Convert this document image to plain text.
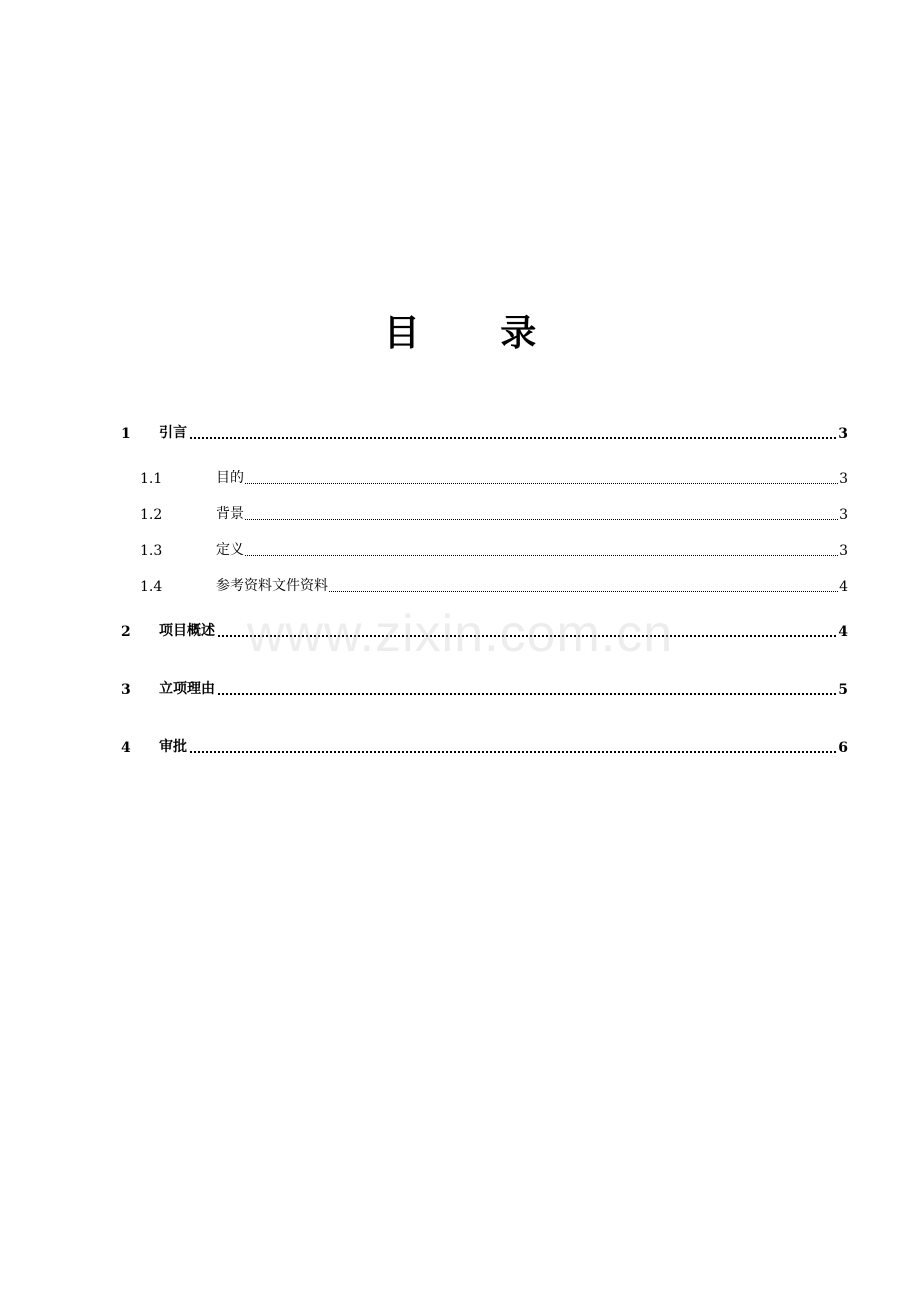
目 录
1 引言	3
1.1	目的	3
1.2	背景	3
1.3	定义	3
1.4	参考资料文件资料	4
2 项目概述	4
3 立项理由	5
4 审批	6
www.zixin.com.cn
